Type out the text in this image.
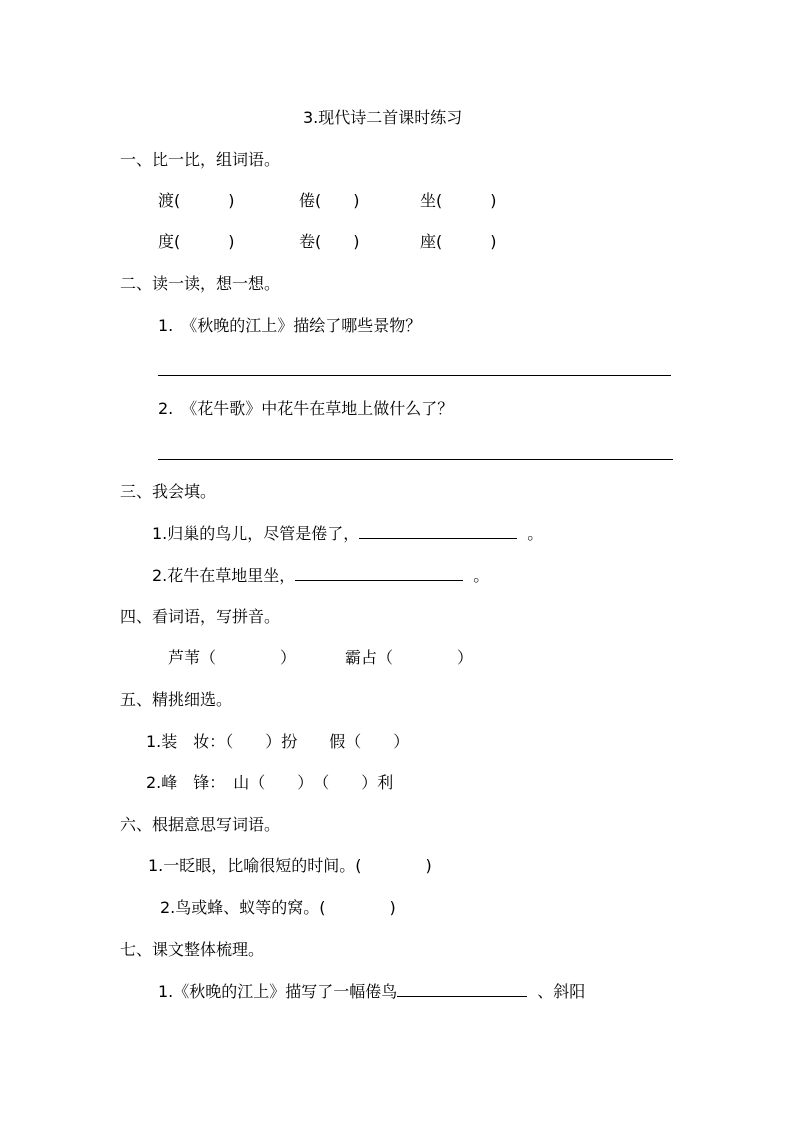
3.现代诗二首课时练习
一、比一比，组词语。
渡(　　　)	倦(　　)	坐(　　　)
度(　　　)	卷(　　)	座(　　　)
二、读一读，想一想。
1.　《秋晚的江上》描绘了哪些景物？
2.　《花牛歌》中花牛在草地上做什么了？
三、我会填。
1.归巢的鸟儿，尽管是倦了，	。
2.花牛在草地里坐，	。
四、看词语，写拼音。
芦苇（　　　　）	霸占（　　　　）
五、精挑细选。
1.装　妆：（　　）扮　　假（　　）
2.峰　锋：　山（　　）　（　　）利
六、根据意思写词语。
1.一眨眼，比喻很短的时间。(　　　　)
2.鸟或蜂、蚁等的窝。(　　　　)
七、课文整体梳理。
1.《秋晚的江上》描写了一幅倦鸟	、斜阳
